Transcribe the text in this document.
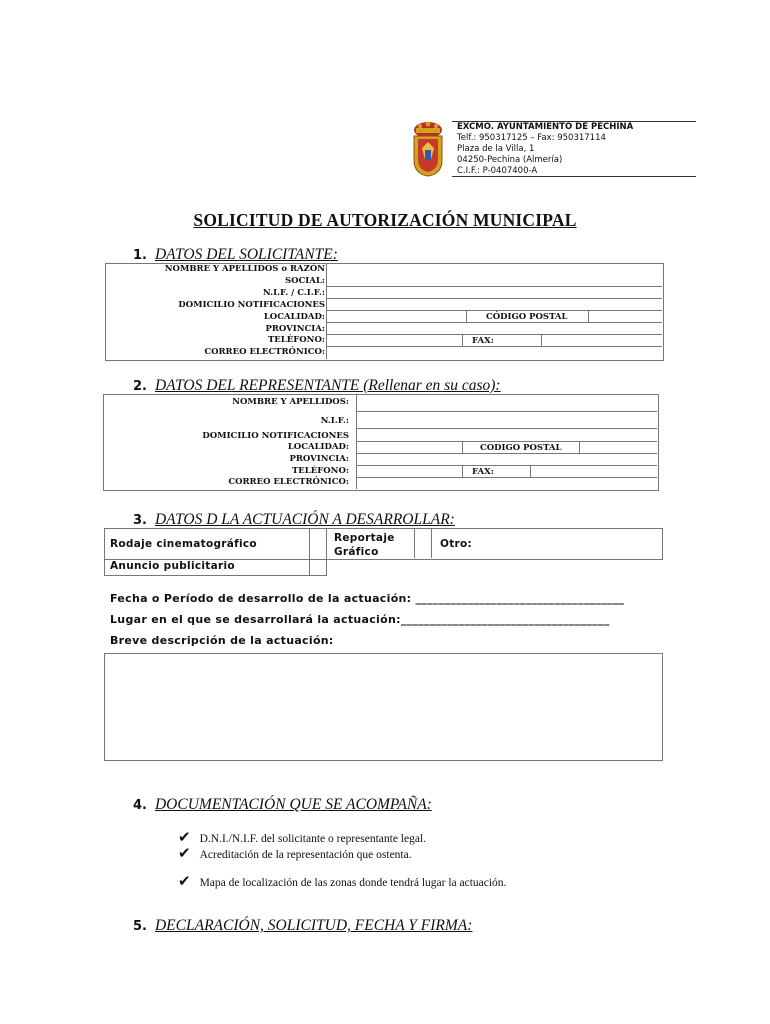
EXCMO. AYUNTAMIENTO DE PECHINA
Telf.: 950317125 – Fax: 950317114
Plaza de la Villa, 1
04250-Pechina (Almería)
C.I.F.: P-0407400-A
SOLICITUD DE AUTORIZACIÓN MUNICIPAL
1. DATOS DEL SOLICITANTE:
NOMBRE Y APELLIDOS o RAZÓN
SOCIAL:
N.I.F. / C.I.F.:
DOMICILIO NOTIFICACIONES
LOCALIDAD:
PROVINCIA:
TELÉFONO:
CORREO ELECTRÓNICO:
CÓDIGO POSTAL
FAX:
2. DATOS DEL REPRESENTANTE (Rellenar en su caso):
NOMBRE Y APELLIDOS:
N.I.F.:
DOMICILIO NOTIFICACIONES
LOCALIDAD:
PROVINCIA:
TELÉFONO:
CORREO ELECTRÓNICO:
CODIGO POSTAL
FAX:
3. DATOS D LA ACTUACIÓN A DESARROLLAR:
Rodaje cinematográfico	Reportaje
Gráfico
Otro:
Anuncio publicitario
Fecha o Período de desarrollo de la actuación: ____________________________________
Lugar en el que se desarrollará la actuación:____________________________________
Breve descripción de la actuación:
4. DOCUMENTACIÓN QUE SE ACOMPAÑA:
✔ D.N.I./N.I.F. del solicitante o representante legal.
✔ Acreditación de la representación que ostenta.
✔ Mapa de localización de las zonas donde tendrá lugar la actuación.
5. DECLARACIÓN, SOLICITUD, FECHA Y FIRMA:
